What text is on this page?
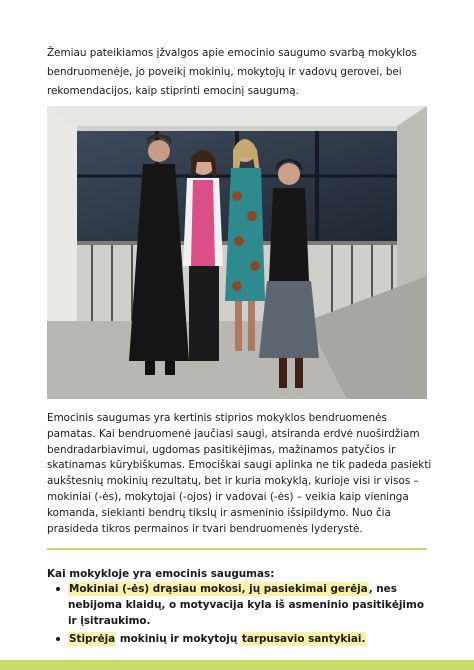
Žemiau pateikiamos įžvalgos apie emocinio saugumo svarbą mokyklos bendruomenėje, jo poveikį mokinių, mokytojų ir vadovų gerovei, bei rekomendacijos, kaip stiprinti emocinį saugumą.

Emocinis saugumas yra kertinis stiprios mokyklos bendruomenės pamatas. Kai bendruomenė jaučiasi saugi, atsiranda erdvė nuoširdžiam bendradarbiavimui, ugdomas pasitikėjimas, mažinamos patyčios ir skatinamas kūrybiškumas. Emociškai saugi aplinka ne tik padeda pasiekti aukštesnių mokinių rezultatų, bet ir kuria mokyklą, kurioje visi ir visos – mokiniai (-ės), mokytojai (-ojos) ir vadovai (-ės) – veikia kaip vieninga komanda, siekianti bendrų tikslų ir asmeninio išsipildymo. Nuo čia prasideda tikros permainos ir tvari bendruomenės lyderystė.

Kai mokykloje yra emocinis saugumas:

Mokiniai (-ės) drąsiau mokosi, jų pasiekimai gerėja, nes nebijoma klaidų, o motyvacija kyla iš asmeninio pasitikėjimo ir įsitraukimo.
Stiprėja mokinių ir mokytojų tarpusavio santykiai.
